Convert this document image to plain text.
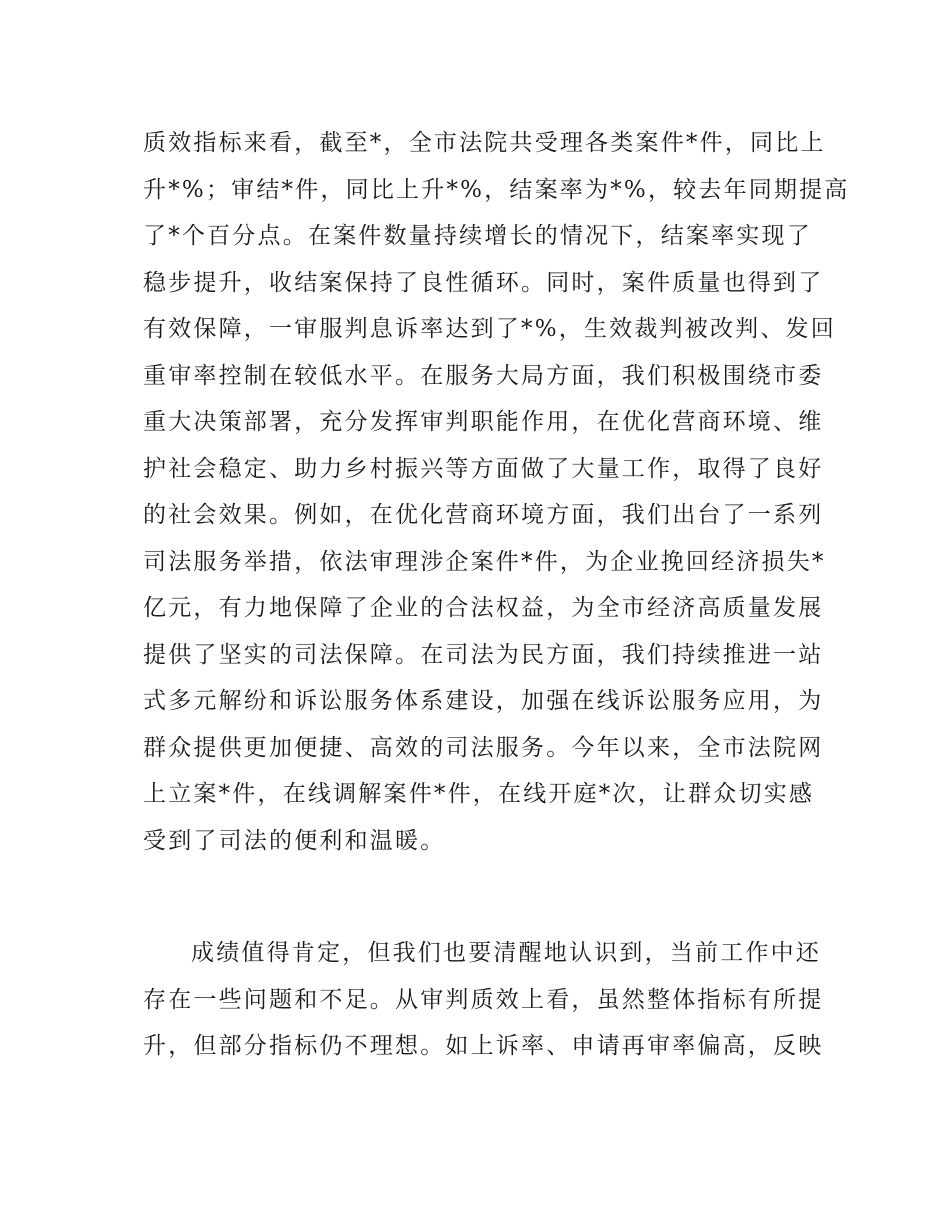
质效指标来看，截至*，全市法院共受理各类案件*件，同比上
升*%；审结*件，同比上升*%，结案率为*%，较去年同期提高
了*个百分点。在案件数量持续增长的情况下，结案率实现了
稳步提升，收结案保持了良性循环。同时，案件质量也得到了
有效保障，一审服判息诉率达到了*%，生效裁判被改判、发回
重审率控制在较低水平。在服务大局方面，我们积极围绕市委
重大决策部署，充分发挥审判职能作用，在优化营商环境、维
护社会稳定、助力乡村振兴等方面做了大量工作，取得了良好
的社会效果。例如，在优化营商环境方面，我们出台了一系列
司法服务举措，依法审理涉企案件*件，为企业挽回经济损失*
亿元，有力地保障了企业的合法权益，为全市经济高质量发展
提供了坚实的司法保障。在司法为民方面，我们持续推进一站
式多元解纷和诉讼服务体系建设，加强在线诉讼服务应用，为
群众提供更加便捷、高效的司法服务。今年以来，全市法院网
上立案*件，在线调解案件*件，在线开庭*次，让群众切实感
受到了司法的便利和温暖。
成绩值得肯定，但我们也要清醒地认识到，当前工作中还
存在一些问题和不足。从审判质效上看，虽然整体指标有所提
升，但部分指标仍不理想。如上诉率、申请再审率偏高，反映
